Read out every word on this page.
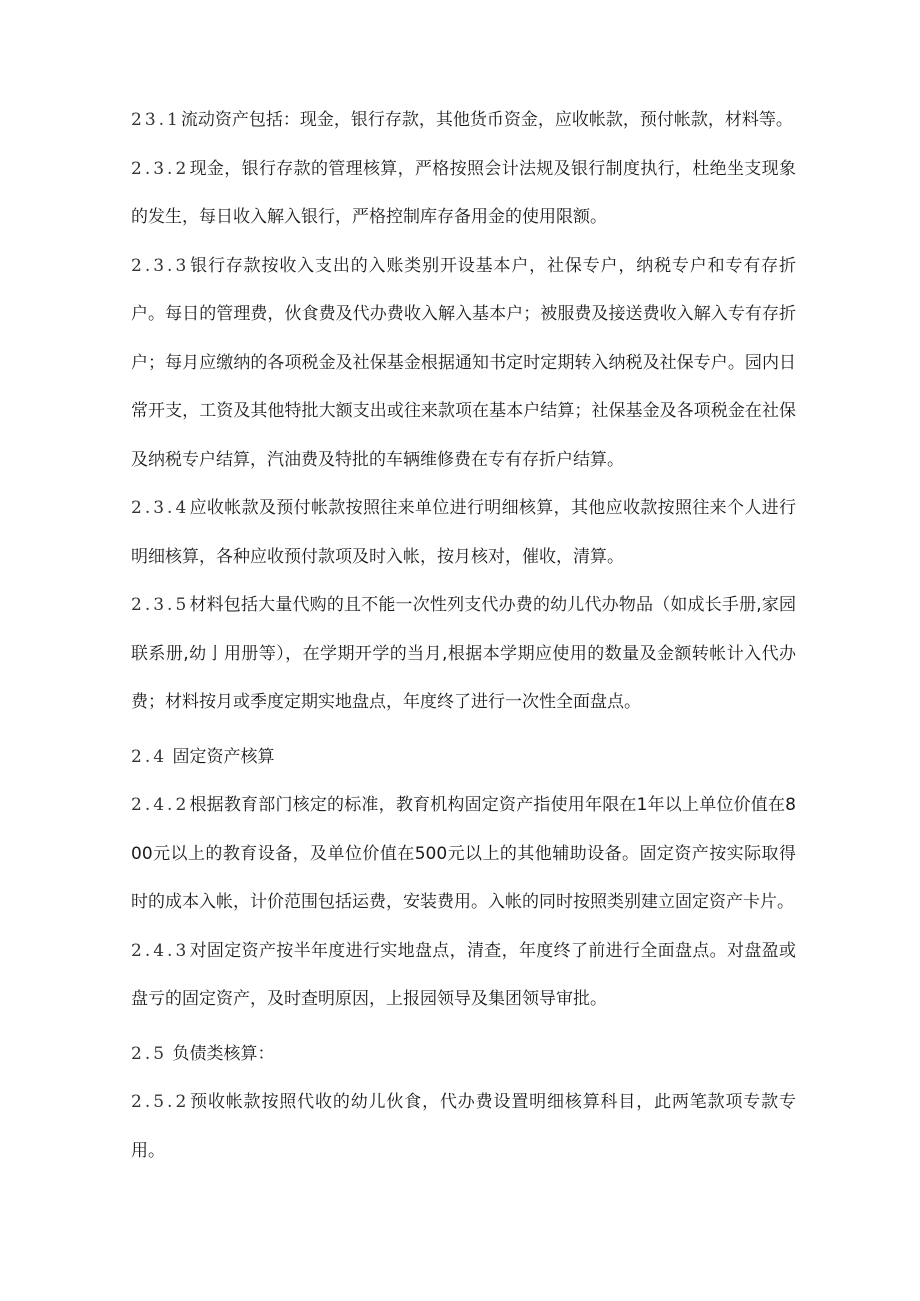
23.1流动资产包括：现金，银行存款，其他货币资金，应收帐款，预付帐款，材料等。

2.3.2现金，银行存款的管理核算，严格按照会计法规及银行制度执行，杜绝坐支现象的发生，每日收入解入银行，严格控制库存备用金的使用限额。

2.3.3银行存款按收入支出的入账类别开设基本户，社保专户，纳税专户和专有存折户。每日的管理费，伙食费及代办费收入解入基本户；被服费及接送费收入解入专有存折户；每月应缴纳的各项税金及社保基金根据通知书定时定期转入纳税及社保专户。园内日常开支，工资及其他特批大额支出或往来款项在基本户结算；社保基金及各项税金在社保及纳税专户结算，汽油费及特批的车辆维修费在专有存折户结算。

2.3.4应收帐款及预付帐款按照往来单位进行明细核算，其他应收款按照往来个人进行明细核算，各种应收预付款项及时入帐，按月核对，催收，清算。

2.3.5材料包括大量代购的且不能一次性列支代办费的幼儿代办物品（如成长手册,家园联系册,幼亅用册等），在学期开学的当月,根据本学期应使用的数量及金额转帐计入代办费；材料按月或季度定期实地盘点，年度终了进行一次性全面盘点。

2.4 固定资产核算

2.4.2根据教育部门核定的标准，教育机构固定资产指使用年限在1年以上单位价值在800元以上的教育设备，及单位价值在500元以上的其他辅助设备。固定资产按实际取得时的成本入帐，计价范围包括运费，安装费用。入帐的同时按照类别建立固定资产卡片。

2.4.3对固定资产按半年度进行实地盘点，清查，年度终了前进行全面盘点。对盘盈或盘亏的固定资产，及时查明原因，上报园领导及集团领导审批。

2.5 负债类核算：

2.5.2预收帐款按照代收的幼儿伙食，代办费设置明细核算科目，此两笔款项专款专用。
